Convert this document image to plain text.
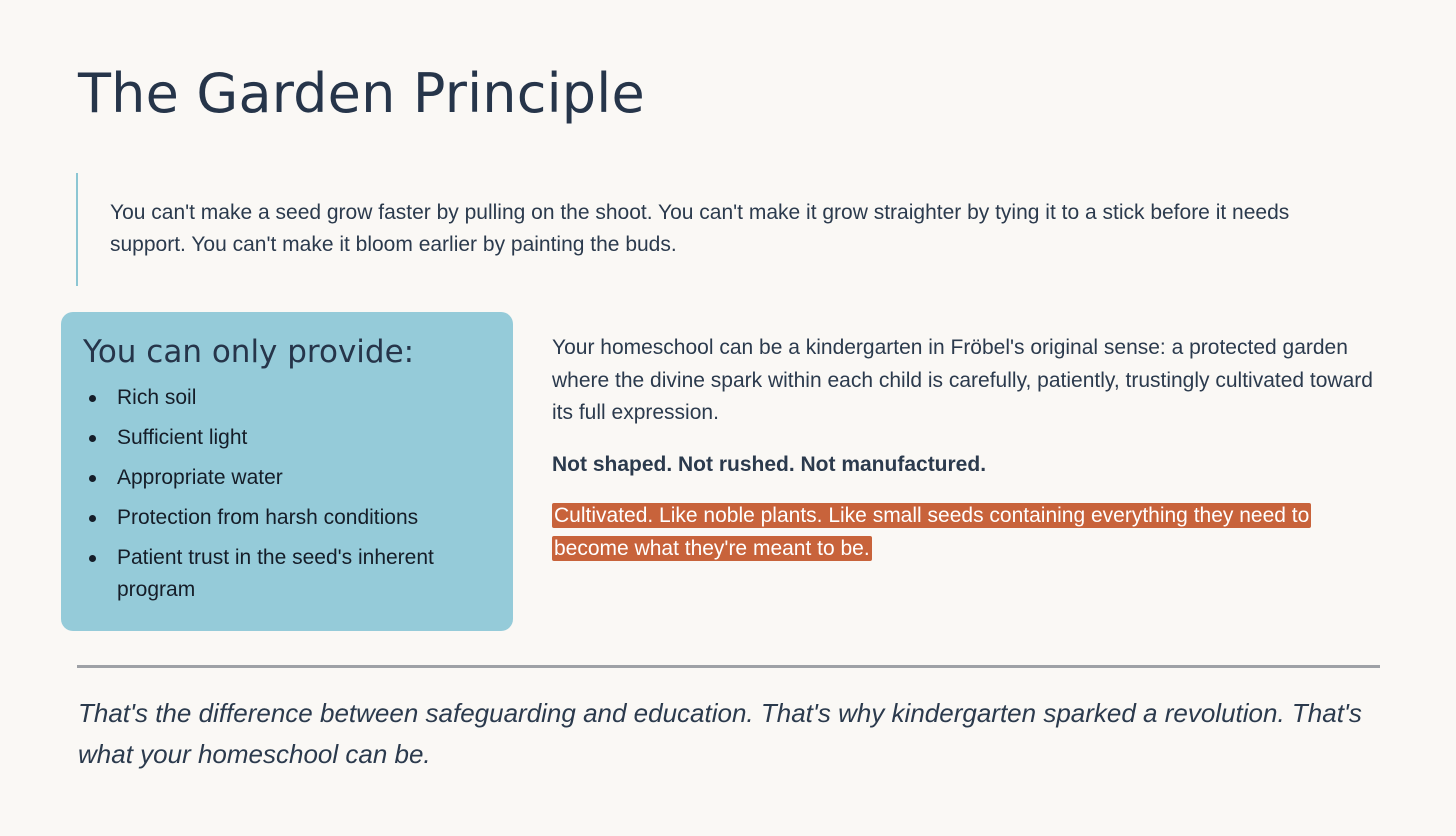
The Garden Principle

You can't make a seed grow faster by pulling on the shoot. You can't make it grow straighter by tying it to a stick before it needs support. You can't make it bloom earlier by painting the buds.

You can only provide:
Rich soil
Sufficient light
Appropriate water
Protection from harsh conditions
Patient trust in the seed's inherent program

Your homeschool can be a kindergarten in Fröbel's original sense: a protected garden where the divine spark within each child is carefully, patiently, trustingly cultivated toward its full expression.

Not shaped. Not rushed. Not manufactured.

Cultivated. Like noble plants. Like small seeds containing everything they need to become what they're meant to be.

That's the difference between safeguarding and education. That's why kindergarten sparked a revolution. That's what your homeschool can be.
